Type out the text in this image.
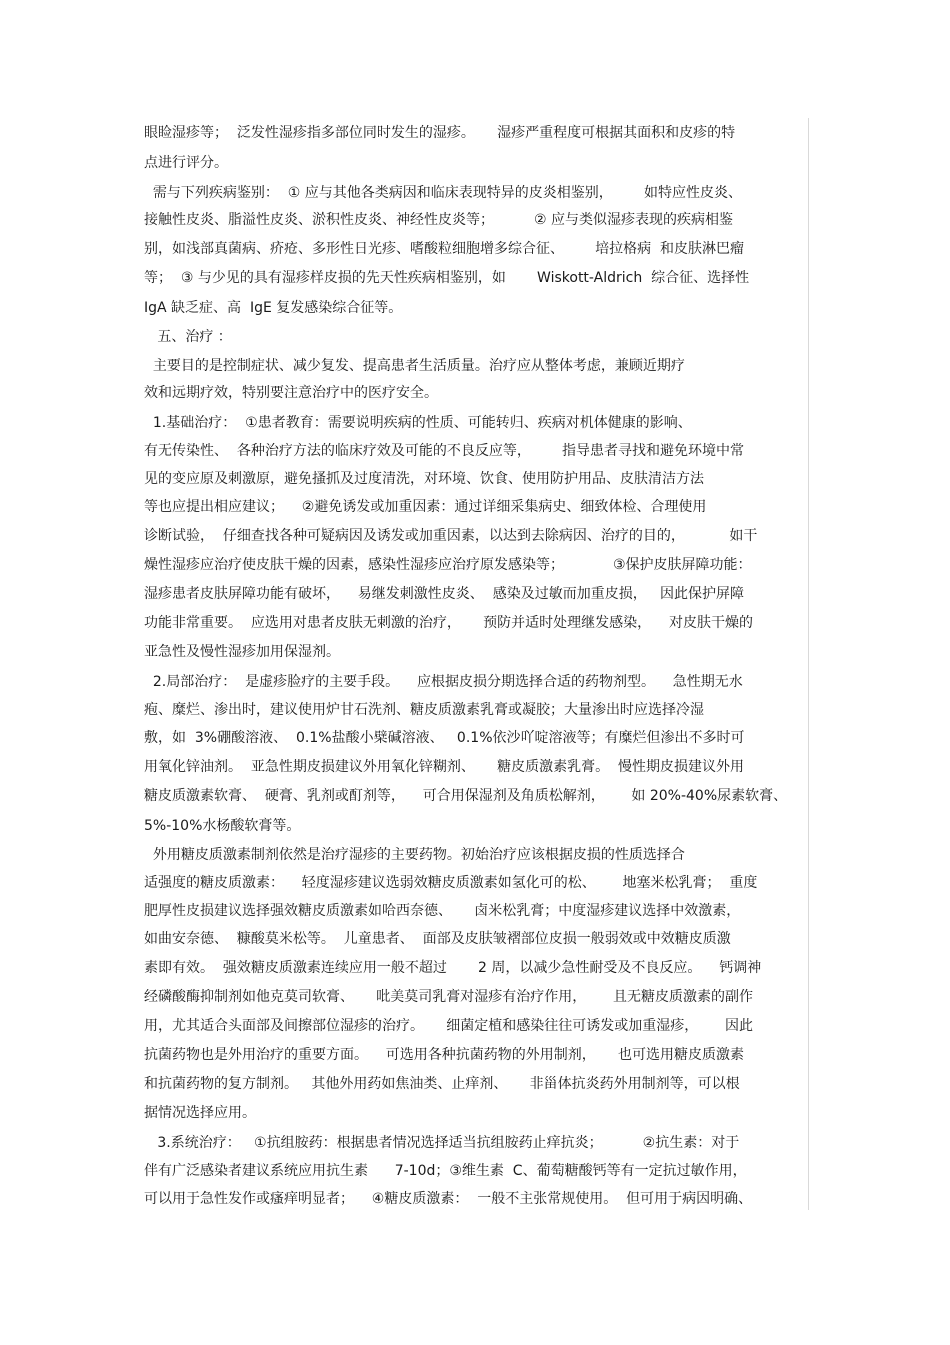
眼睑湿疹等；  泛发性湿疹指多部位同时发生的湿疹。     湿疹严重程度可根据其面积和皮疹的特
点进行评分。
需与下列疾病鉴别：  ① 应与其他各类病因和临床表现特异的皮炎相鉴别，       如特应性皮炎、
接触性皮炎、脂溢性皮炎、淤积性皮炎、神经性皮炎等；         ② 应与类似湿疹表现的疾病相鉴
别，如浅部真菌病、疥疮、多形性日光疹、嗜酸粒细胞增多综合征、       培拉格病  和皮肤淋巴瘤
等；  ③ 与少见的具有湿疹样皮损的先天性疾病相鉴别，如       Wiskott-Aldrich  综合征、选择性
IgA 缺乏症、高  IgE 复发感染综合征等。
五、治疗 ：
主要目的是控制症状、减少复发、提高患者生活质量。治疗应从整体考虑，兼顾近期疗
效和远期疗效，特别要注意治疗中的医疗安全。
1.基础治疗：  ①患者教育：需要说明疾病的性质、可能转归、疾病对机体健康的影响、
有无传染性、  各种治疗方法的临床疗效及可能的不良反应等，       指导患者寻找和避免环境中常
见的变应原及刺激原，避免搔抓及过度清洗，对环境、饮食、使用防护用品、皮肤清洁方法
等也应提出相应建议；    ②避免诱发或加重因素：通过详细采集病史、细致体检、合理使用
诊断试验，  仔细查找各种可疑病因及诱发或加重因素，以达到去除病因、治疗的目的，          如干
燥性湿疹应治疗使皮肤干燥的因素，感染性湿疹应治疗原发感染等；           ③保护皮肤屏障功能：
湿疹患者皮肤屏障功能有破坏，    易继发刺激性皮炎、  感染及过敏而加重皮损，   因此保护屏障
功能非常重要。  应选用对患者皮肤无刺激的治疗，     预防并适时处理继发感染，    对皮肤干燥的
亚急性及慢性湿疹加用保湿剂。
2.局部治疗：  是虚疹脸疗的主要手段。    应根据皮损分期选择合适的药物剂型。    急性期无水
疱、糜烂、渗出时，建议使用炉甘石洗剂、糖皮质激素乳膏或凝胶；大量渗出时应选择冷湿
敷，如  3%硼酸溶液、  0.1%盐酸小檗碱溶液、   0.1%依沙吖啶溶液等；有糜烂但渗出不多时可
用氧化锌油剂。  亚急性期皮损建议外用氧化锌糊剂、     糖皮质激素乳膏。  慢性期皮损建议外用
糖皮质激素软膏、  硬膏、乳剂或酊剂等，    可合用保湿剂及角质松解剂，      如 20%-40%尿素软膏、
5%-10%水杨酸软膏等。
外用糖皮质激素制剂依然是治疗湿疹的主要药物。初始治疗应该根据皮损的性质选择合
适强度的糖皮质激素：    轻度湿疹建议选弱效糖皮质激素如氢化可的松、      地塞米松乳膏；  重度
肥厚性皮损建议选择强效糖皮质激素如哈西奈德、     卤米松乳膏；中度湿疹建议选择中效激素，
如曲安奈德、  糠酸莫米松等。  儿童患者、  面部及皮肤皱褶部位皮损一般弱效或中效糖皮质激
素即有效。  强效糖皮质激素连续应用一般不超过       2 周，以减少急性耐受及不良反应。    钙调神
经磷酸酶抑制剂如他克莫司软膏、     吡美莫司乳膏对湿疹有治疗作用，      且无糖皮质激素的副作
用，尤其适合头面部及间擦部位湿疹的治疗。     细菌定植和感染往往可诱发或加重湿疹，      因此
抗菌药物也是外用治疗的重要方面。    可选用各种抗菌药物的外用制剂，     也可选用糖皮质激素
和抗菌药物的复方制剂。   其他外用药如焦油类、止痒剂、     非甾体抗炎药外用制剂等，可以根
据情况选择应用。
3.系统治疗：   ①抗组胺药：根据患者情况选择适当抗组胺药止痒抗炎；         ②抗生素：对于
伴有广泛感染者建议系统应用抗生素      7-10d；③维生素  C、葡萄糖酸钙等有一定抗过敏作用，
可以用于急性发作或瘙痒明显者；    ④糖皮质激素：  一般不主张常规使用。  但可用于病因明确、
